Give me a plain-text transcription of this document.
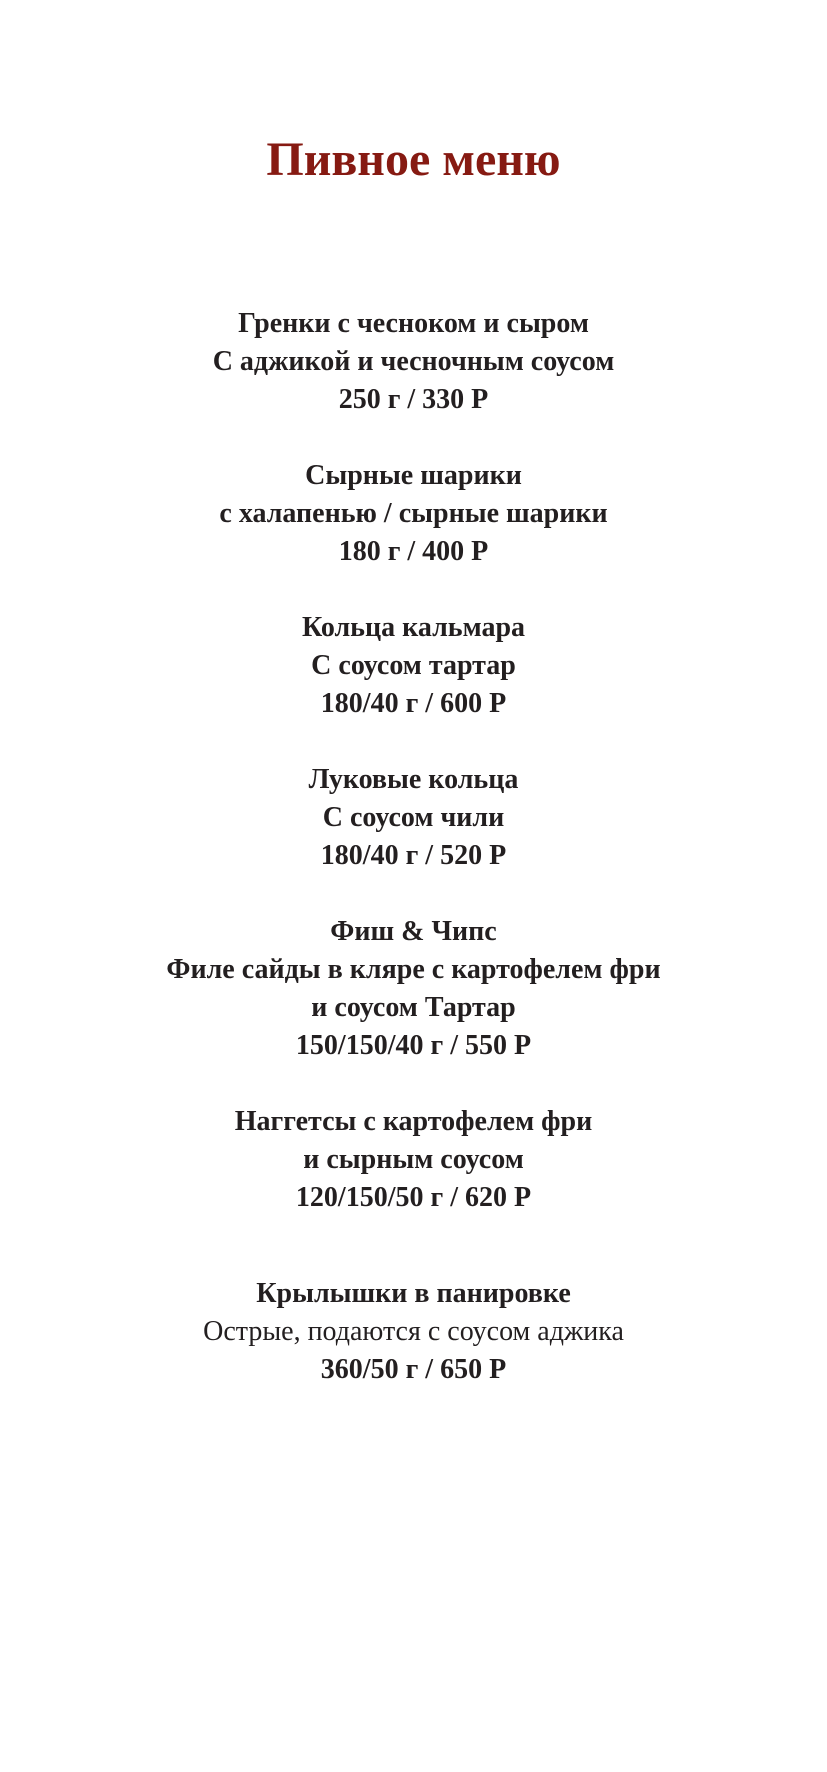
Пивное меню
Гренки с чесноком и сыром
С аджикой и чесночным соусом
250 г / 330 Р
Сырные шарики
с халапенью / сырные шарики
180 г / 400 Р
Кольца кальмара
С соусом тартар
180/40 г / 600 Р
Луковые кольца
С соусом чили
180/40 г / 520 Р
Фиш & Чипс
Филе сайды в кляре с картофелем фри
и соусом Тартар
150/150/40 г / 550 Р
Наггетсы с картофелем фри
и сырным соусом
120/150/50 г / 620 Р
Крылышки в панировке
Острые, подаются с соусом аджика
360/50 г / 650 Р
